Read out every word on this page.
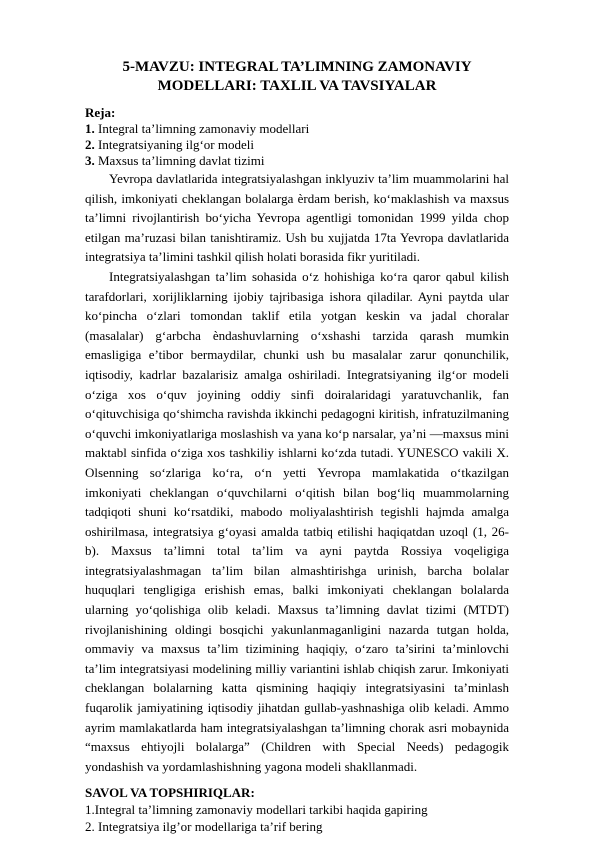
5-MAVZU: INTEGRAL TA’LIMNING ZAMONAVIY
MODELLARI: TAXLIL VA TAVSIYALAR

Reja:

1. Integral ta’limning zamonaviy modellari

2. Integratsiyaning ilg‘or modeli

3. Maxsus ta’limning davlat tizimi

Yevropa davlatlarida integratsiyalashgan inklyuziv ta’lim muammolarini hal qilish, imkoniyati cheklangan bolalarga ѐrdam berish, ko‘maklashish va maxsus ta’limni rivojlantirish bo‘yicha Yevropa agentligi tomonidan 1999 yilda chop etilgan ma’ruzasi bilan tanishtiramiz. Ush bu xujjatda 17ta Yevropa davlatlarida integratsiya ta’limini tashkil qilish holati borasida fikr yuritiladi.

Integratsiyalashgan ta’lim sohasida o‘z hohishiga ko‘ra qaror qabul kilish tarafdorlari, xorijliklarning ijobiy tajribasiga ishora qiladilar. Ayni paytda ular ko‘pincha o‘zlari tomondan taklif etila yotgan keskin va jadal choralar (masalalar) g‘arbcha ѐndashuvlarning o‘xshashi tarzida qarash mumkin emasligiga e’tibor bermaydilar, chunki ush bu masalalar zarur qonunchilik, iqtisodiy, kadrlar bazalarisiz amalga oshiriladi. Integratsiyaning ilg‘or modeli o‘ziga xos o‘quv joyining oddiy sinfi doiralaridagi yaratuvchanlik, fan o‘qituvchisiga qo‘shimcha ravishda ikkinchi pedagogni kiritish, infratuzilmaning o‘quvchi imkoniyatlariga moslashish va yana ko‘p narsalar, ya’ni ―maxsus mini maktabl sinfida o‘ziga xos tashkiliy ishlarni ko‘zda tutadi. YUNESCO vakili X. Olsenning so‘zlariga ko‘ra, o‘n yetti Yevropa mamlakatida o‘tkazilgan imkoniyati cheklangan o‘quvchilarni o‘qitish bilan bog‘liq muammolarning tadqiqoti shuni ko‘rsatdiki, mabodo moliyalashtirish tegishli hajmda amalga oshirilmasa, integratsiya g‘oyasi amalda tatbiq etilishi haqiqatdan uzoql (1, 26-b). Maxsus ta’limni total ta’lim va ayni paytda Rossiya voqeligiga integratsiyalashmagan ta’lim bilan almashtirishga urinish, barcha bolalar huquqlari tengligiga erishish emas, balki imkoniyati cheklangan bolalarda ularning yo‘qolishiga olib keladi. Maxsus ta’limning davlat tizimi (MTDT) rivojlanishining oldingi bosqichi yakunlanmaganligini nazarda tutgan holda, ommaviy va maxsus ta’lim tizimining haqiqiy, o‘zaro ta’sirini ta’minlovchi ta’lim integratsiyasi modelining milliy variantini ishlab chiqish zarur. Imkoniyati cheklangan bolalarning katta qismining haqiqiy integratsiyasini ta’minlash fuqarolik jamiyatining iqtisodiy jihatdan gullab-yashnashiga olib keladi. Ammo ayrim mamlakatlarda ham integratsiyalashgan ta’limning chorak asri mobaynida “maxsus ehtiyojli bolalarga” (Children with Special Needs) pedagogik yondashish va yordamlashishning yagona modeli shakllanmadi.

SAVOL VA TOPSHIRIQLAR:

1.Integral ta’limning zamonaviy modellari tarkibi haqida gapiring

2. Integratsiya ilg’or modellariga ta’rif bering
